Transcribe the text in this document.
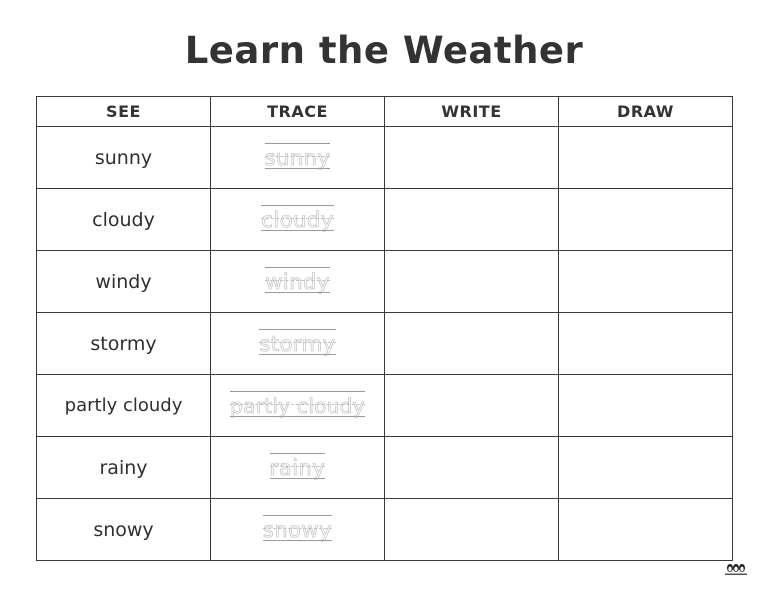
Learn the Weather
SEE	TRACE	WRITE	DRAW
sunny	sunny		
cloudy	cloudy		
windy	windy		
stormy	stormy		
partly cloudy	partly cloudy		
rainy	rainy		
snowy	snowy		
